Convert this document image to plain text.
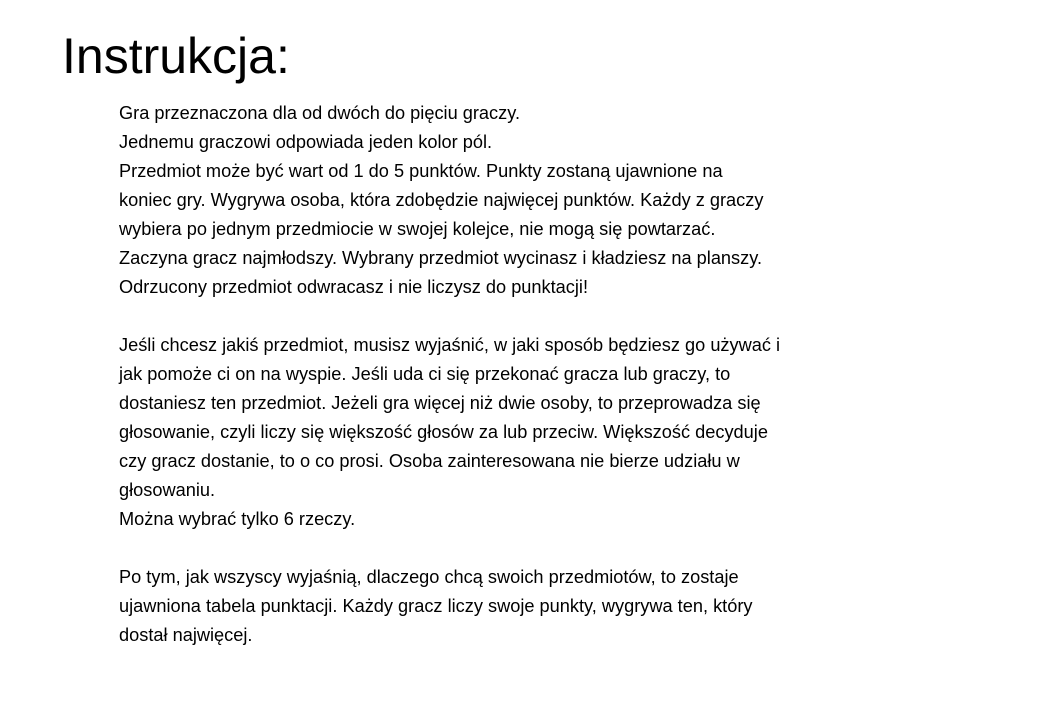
Instrukcja:
Gra przeznaczona dla od dwóch do pięciu graczy.
Jednemu graczowi odpowiada jeden kolor pól.
Przedmiot może być wart od 1 do 5 punktów. Punkty zostaną ujawnione na
koniec gry. Wygrywa osoba, która zdobędzie najwięcej punktów. Każdy z graczy
wybiera po jednym przedmiocie w swojej kolejce, nie mogą się powtarzać.
Zaczyna gracz najmłodszy. Wybrany przedmiot wycinasz i kładziesz na planszy.
Odrzucony przedmiot odwracasz i nie liczysz do punktacji!
Jeśli chcesz jakiś przedmiot, musisz wyjaśnić, w jaki sposób będziesz go używać i
jak pomoże ci on na wyspie. Jeśli uda ci się przekonać gracza lub graczy, to
dostaniesz ten przedmiot. Jeżeli gra więcej niż dwie osoby, to przeprowadza się
głosowanie, czyli liczy się większość głosów za lub przeciw. Większość decyduje
czy gracz dostanie, to o co prosi. Osoba zainteresowana nie bierze udziału w
głosowaniu.
Można wybrać tylko 6 rzeczy.
Po tym, jak wszyscy wyjaśnią, dlaczego chcą swoich przedmiotów, to zostaje
ujawniona tabela punktacji. Każdy gracz liczy swoje punkty, wygrywa ten, który
dostał najwięcej.
